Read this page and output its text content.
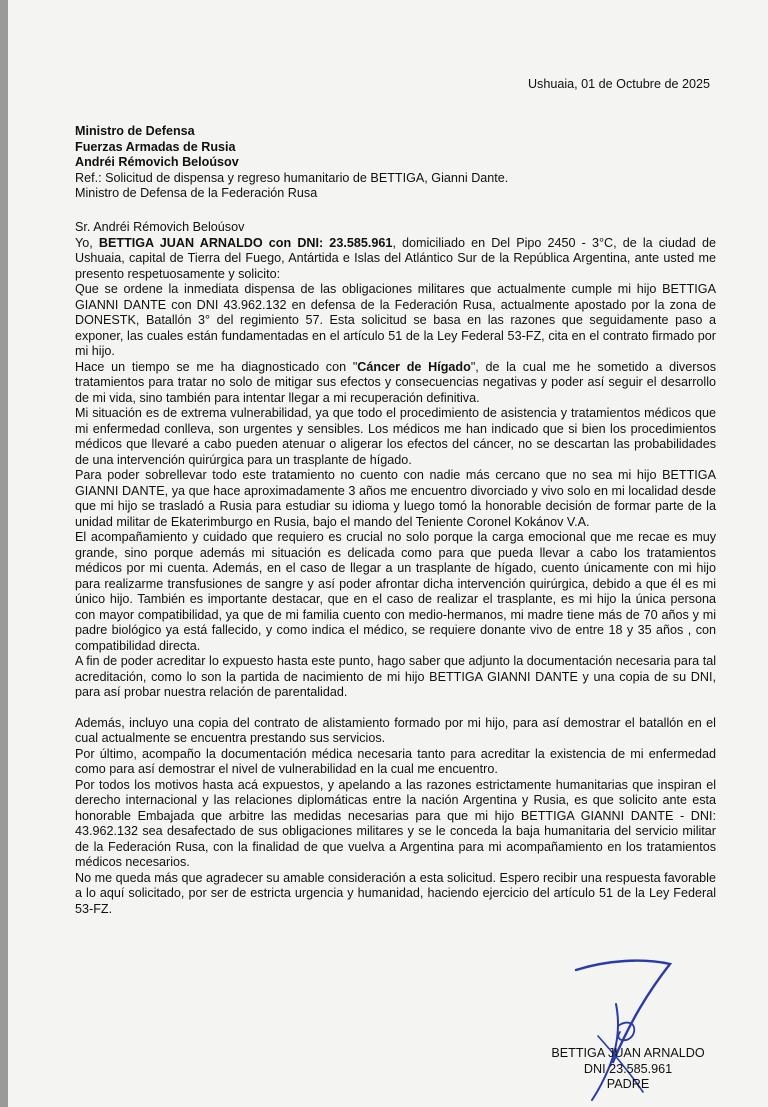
Ushuaia, 01 de Octubre de 2025
Ministro de Defensa
Fuerzas Armadas de Rusia
Andréi Rémovich Beloúsov
Ref.: Solicitud de dispensa y regreso humanitario de BETTIGA, Gianni Dante.
Ministro de Defensa de la Federación Rusa

Sr. Andréi Rémovich Beloúsov

Yo, BETTIGA JUAN ARNALDO con DNI: 23.585.961, domiciliado en Del Pipo 2450 - 3°C, de la ciudad de Ushuaia, capital de Tierra del Fuego, Antártida e Islas del Atlántico Sur de la República Argentina, ante usted me presento respetuosamente y solicito:

Que se ordene la inmediata dispensa de las obligaciones militares que actualmente cumple mi hijo BETTIGA GIANNI DANTE con DNI 43.962.132 en defensa de la Federación Rusa, actualmente apostado por la zona de DONESTK, Batallón 3° del regimiento 57. Esta solicitud se basa en las razones que seguidamente paso a exponer, las cuales están fundamentadas en el artículo 51 de la Ley Federal 53-FZ, cita en el contrato firmado por mi hijo.

Hace un tiempo se me ha diagnosticado con "Cáncer de Hígado", de la cual me he sometido a diversos tratamientos para tratar no solo de mitigar sus efectos y consecuencias negativas y poder así seguir el desarrollo de mi vida, sino también para intentar llegar a mi recuperación definitiva.

Mi situación es de extrema vulnerabilidad, ya que todo el procedimiento de asistencia y tratamientos médicos que mi enfermedad conlleva, son urgentes y sensibles. Los médicos me han indicado que si bien los procedimientos médicos que llevaré a cabo pueden atenuar o aligerar los efectos del cáncer, no se descartan las probabilidades de una intervención quirúrgica para un trasplante de hígado.

Para poder sobrellevar todo este tratamiento no cuento con nadie más cercano que no sea mi hijo BETTIGA GIANNI DANTE, ya que hace aproximadamente 3 años me encuentro divorciado y vivo solo en mi localidad desde que mi hijo se trasladó a Rusia para estudiar su idioma y luego tomó la honorable decisión de formar parte de la unidad militar de Ekaterimburgo en Rusia, bajo el mando del Teniente Coronel Kokánov V.A.

El acompañamiento y cuidado que requiero es crucial no solo porque la carga emocional que me recae es muy grande, sino porque además mi situación es delicada como para que pueda llevar a cabo los tratamientos médicos por mi cuenta. Además, en el caso de llegar a un trasplante de hígado, cuento únicamente con mi hijo para realizarme transfusiones de sangre y así poder afrontar dicha intervención quirúrgica, debido a que él es mi único hijo. También es importante destacar, que en el caso de realizar el trasplante, es mi hijo la única persona con mayor compatibilidad, ya que de mi familia cuento con medio-hermanos, mi madre tiene más de 70 años y mi padre biológico ya está fallecido, y como indica el médico, se requiere donante vivo de entre 18 y 35 años , con compatibilidad directa.

A fin de poder acreditar lo expuesto hasta este punto, hago saber que adjunto la documentación necesaria para tal acreditación, como lo son la partida de nacimiento de mi hijo BETTIGA GIANNI DANTE y una copia de su DNI, para así probar nuestra relación de parentalidad.

Además, incluyo una copia del contrato de alistamiento formado por mi hijo, para así demostrar el batallón en el cual actualmente se encuentra prestando sus servicios.

Por último, acompaño la documentación médica necesaria tanto para acreditar la existencia de mi enfermedad como para así demostrar el nivel de vulnerabilidad en la cual me encuentro.

Por todos los motivos hasta acá expuestos, y apelando a las razones estrictamente humanitarias que inspiran el derecho internacional y las relaciones diplomáticas entre la nación Argentina y Rusia, es que solicito ante esta honorable Embajada que arbitre las medidas necesarias para que mi hijo BETTIGA GIANNI DANTE - DNI: 43.962.132 sea desafectado de sus obligaciones militares y se le conceda la baja humanitaria del servicio militar de la Federación Rusa, con la finalidad de que vuelva a Argentina para mi acompañamiento en los tratamientos médicos necesarios.

No me queda más que agradecer su amable consideración a esta solicitud. Espero recibir una respuesta favorable a lo aquí solicitado, por ser de estricta urgencia y humanidad, haciendo ejercicio del artículo 51 de la Ley Federal 53-FZ.

BETTIGA JUAN ARNALDO
DNI 23.585.961
PADRE
